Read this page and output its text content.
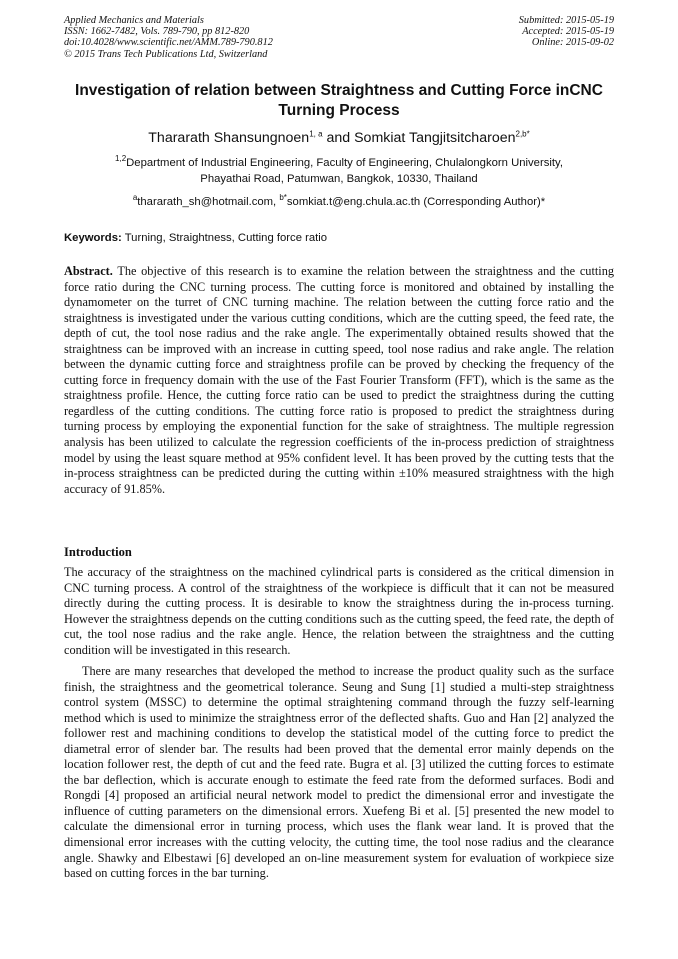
Applied Mechanics and Materials
ISSN: 1662-7482, Vols. 789-790, pp 812-820
doi:10.4028/www.scientific.net/AMM.789-790.812
© 2015 Trans Tech Publications Ltd, Switzerland
Submitted: 2015-05-19
Accepted: 2015-05-19
Online: 2015-09-02
Investigation of relation between Straightness and Cutting Force inCNC
Turning Process
Thararath Shansungnoen$^{1, a}$ and Somkiat Tangjitsitcharoen$^{2,b*}$
$^{1,2}$Department of Industrial Engineering, Faculty of Engineering, Chulalongkorn University,
Phayathai Road, Patumwan, Bangkok, 10330, Thailand
$^a$thararath_sh@hotmail.com, $^{b*}$somkiat.t@eng.chula.ac.th (Corresponding Author)*
Keywords: Turning, Straightness, Cutting force ratio
Abstract. The objective of this research is to examine the relation between the straightness and the cutting force ratio during the CNC turning process. The cutting force is monitored and obtained by installing the dynamometer on the turret of CNC turning machine. The relation between the cutting force ratio and the straightness is investigated under the various cutting conditions, which are the cutting speed, the feed rate, the depth of cut, the tool nose radius and the rake angle. The experimentally obtained results showed that the straightness can be improved with an increase in cutting speed, tool nose radius and rake angle. The relation between the dynamic cutting force and straightness profile can be proved by checking the frequency of the cutting force in frequency domain with the use of the Fast Fourier Transform (FFT), which is the same as the straightness profile. Hence, the cutting force ratio can be used to predict the straightness during the cutting regardless of the cutting conditions. The cutting force ratio is proposed to predict the straightness during turning process by employing the exponential function for the sake of straightness. The multiple regression analysis has been utilized to calculate the regression coefficients of the in-process prediction of straightness model by using the least square method at 95% confident level. It has been proved by the cutting tests that the in-process straightness can be predicted during the cutting within ±10% measured straightness with the high accuracy of 91.85%.
Introduction
The accuracy of the straightness on the machined cylindrical parts is considered as the critical dimension in CNC turning process. A control of the straightness of the workpiece is difficult that it can not be measured directly during the cutting process. It is desirable to know the straightness during the in-process turning. However the straightness depends on the cutting conditions such as the cutting speed, the feed rate, the depth of cut, the tool nose radius and the rake angle. Hence, the relation between the straightness and the cutting condition will be investigated in this research.
There are many researches that developed the method to increase the product quality such as the surface finish, the straightness and the geometrical tolerance. Seung and Sung [1] studied a multi-step straightness control system (MSSC) to determine the optimal straightening command through the fuzzy self-learning method which is used to minimize the straightness error of the deflected shafts. Guo and Han [2] analyzed the follower rest and machining conditions to develop the statistical model of the cutting force to predict the diametral error of slender bar. The results had been proved that the demental error mainly depends on the location follower rest, the depth of cut and the feed rate. Bugra et al. [3] utilized the cutting forces to estimate the bar deflection, which is accurate enough to estimate the feed rate from the deformed surfaces. Bodi and Rongdi [4] proposed an artificial neural network model to predict the dimensional error and investigate the influence of cutting parameters on the dimensional errors. Xuefeng Bi et al. [5] presented the new model to calculate the dimensional error in turning process, which uses the flank wear land. It is proved that the dimensional error increases with the cutting velocity, the cutting time, the tool nose radius and the clearance angle. Shawky and Elbestawi [6] developed an on-line measurement system for evaluation of workpiece size based on cutting forces in the bar turning.
